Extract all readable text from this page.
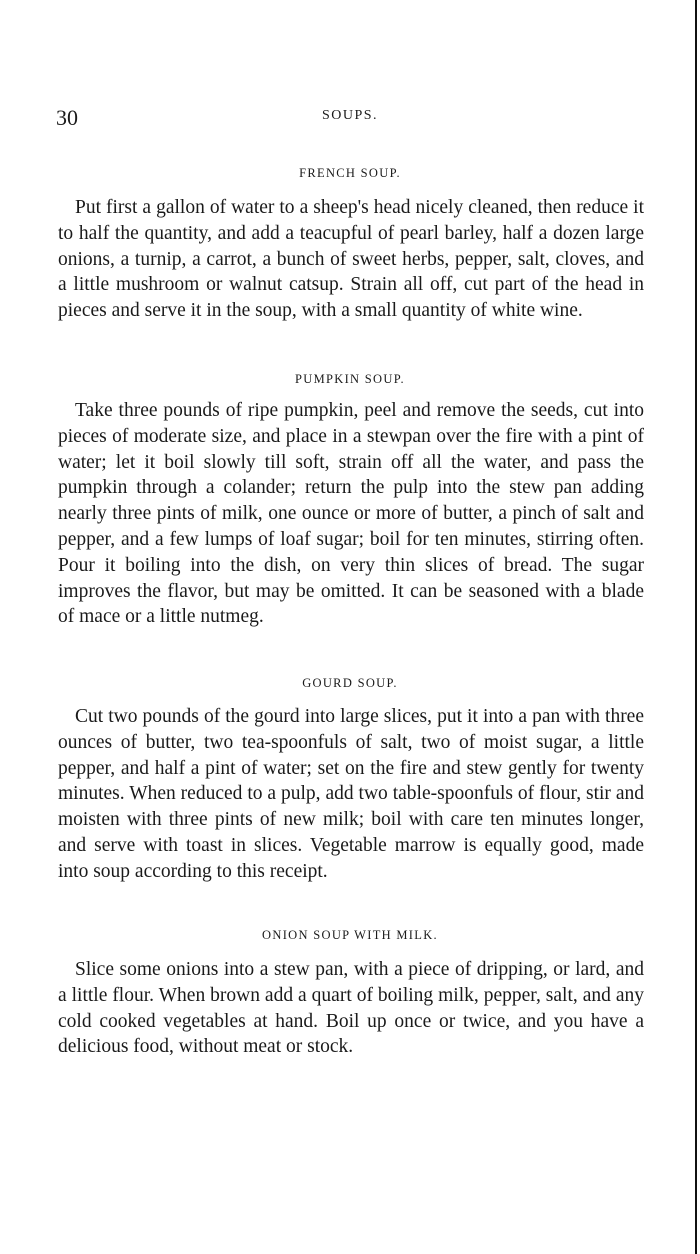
30	SOUPS.
FRENCH SOUP.

Put first a gallon of water to a sheep's head nicely cleaned, then reduce it to half the quantity, and add a teacupful of pearl barley, half a dozen large onions, a turnip, a carrot, a bunch of sweet herbs, pepper, salt, cloves, and a little mushroom or walnut catsup. Strain all off, cut part of the head in pieces and serve it in the soup, with a small quantity of white wine.

PUMPKIN SOUP.

Take three pounds of ripe pumpkin, peel and remove the seeds, cut into pieces of moderate size, and place in a stewpan over the fire with a pint of water; let it boil slowly till soft, strain off all the water, and pass the pumpkin through a colander; return the pulp into the stew pan adding nearly three pints of milk, one ounce or more of butter, a pinch of salt and pepper, and a few lumps of loaf sugar; boil for ten minutes, stirring often. Pour it boiling into the dish, on very thin slices of bread. The sugar improves the flavor, but may be omitted. It can be seasoned with a blade of mace or a little nutmeg.

GOURD SOUP.

Cut two pounds of the gourd into large slices, put it into a pan with three ounces of butter, two tea-spoonfuls of salt, two of moist sugar, a little pepper, and half a pint of water; set on the fire and stew gently for twenty minutes. When reduced to a pulp, add two table-spoonfuls of flour, stir and moisten with three pints of new milk; boil with care ten minutes longer, and serve with toast in slices. Vegetable marrow is equally good, made into soup according to this receipt.

ONION SOUP WITH MILK.

Slice some onions into a stew pan, with a piece of dripping, or lard, and a little flour. When brown add a quart of boiling milk, pepper, salt, and any cold cooked vegetables at hand. Boil up once or twice, and you have a delicious food, without meat or stock.
